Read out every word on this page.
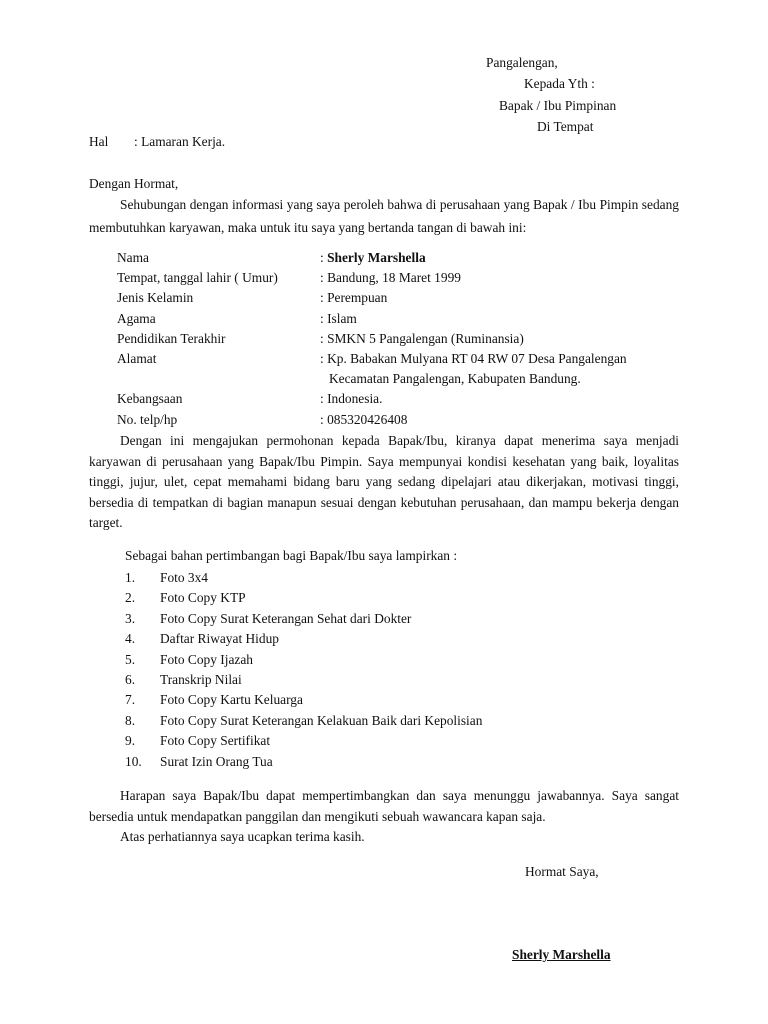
Pangalengan,
Kepada Yth :
Bapak / Ibu Pimpinan
Di Tempat
Hal : Lamaran Kerja.
Dengan Hormat,
Sehubungan dengan informasi yang saya peroleh bahwa di perusahaan yang Bapak / Ibu Pimpin sedang membutuhkan karyawan, maka untuk itu saya yang bertanda tangan di bawah ini:
Nama	: Sherly Marshella
Tempat, tanggal lahir ( Umur)	: Bandung, 18 Maret 1999
Jenis Kelamin	: Perempuan
Agama	: Islam
Pendidikan Terakhir	: SMKN 5 Pangalengan (Ruminansia)
Alamat	: Kp. Babakan Mulyana RT 04 RW 07 Desa Pangalengan
	Kecamatan Pangalengan, Kabupaten Bandung.
Kebangsaan	: Indonesia.
No. telp/hp	: 085320426408
Dengan ini mengajukan permohonan kepada Bapak/Ibu, kiranya dapat menerima saya menjadi karyawan di perusahaan yang Bapak/Ibu Pimpin. Saya mempunyai kondisi kesehatan yang baik, loyalitas tinggi, jujur, ulet, cepat memahami bidang baru yang sedang dipelajari atau dikerjakan, motivasi tinggi, bersedia di tempatkan di bagian manapun sesuai dengan kebutuhan perusahaan, dan mampu bekerja dengan target.
Sebagai bahan pertimbangan bagi Bapak/Ibu saya lampirkan :
1. Foto 3x4
2. Foto Copy KTP
3. Foto Copy Surat Keterangan Sehat dari Dokter
4. Daftar Riwayat Hidup
5. Foto Copy Ijazah
6. Transkrip Nilai
7. Foto Copy Kartu Keluarga
8. Foto Copy Surat Keterangan Kelakuan Baik dari Kepolisian
9. Foto Copy Sertifikat
10. Surat Izin Orang Tua
Harapan saya Bapak/Ibu dapat mempertimbangkan dan saya menunggu jawabannya. Saya sangat bersedia untuk mendapatkan panggilan dan mengikuti sebuah wawancara kapan saja.
Atas perhatiannya saya ucapkan terima kasih.
Hormat Saya,
Sherly Marshella
